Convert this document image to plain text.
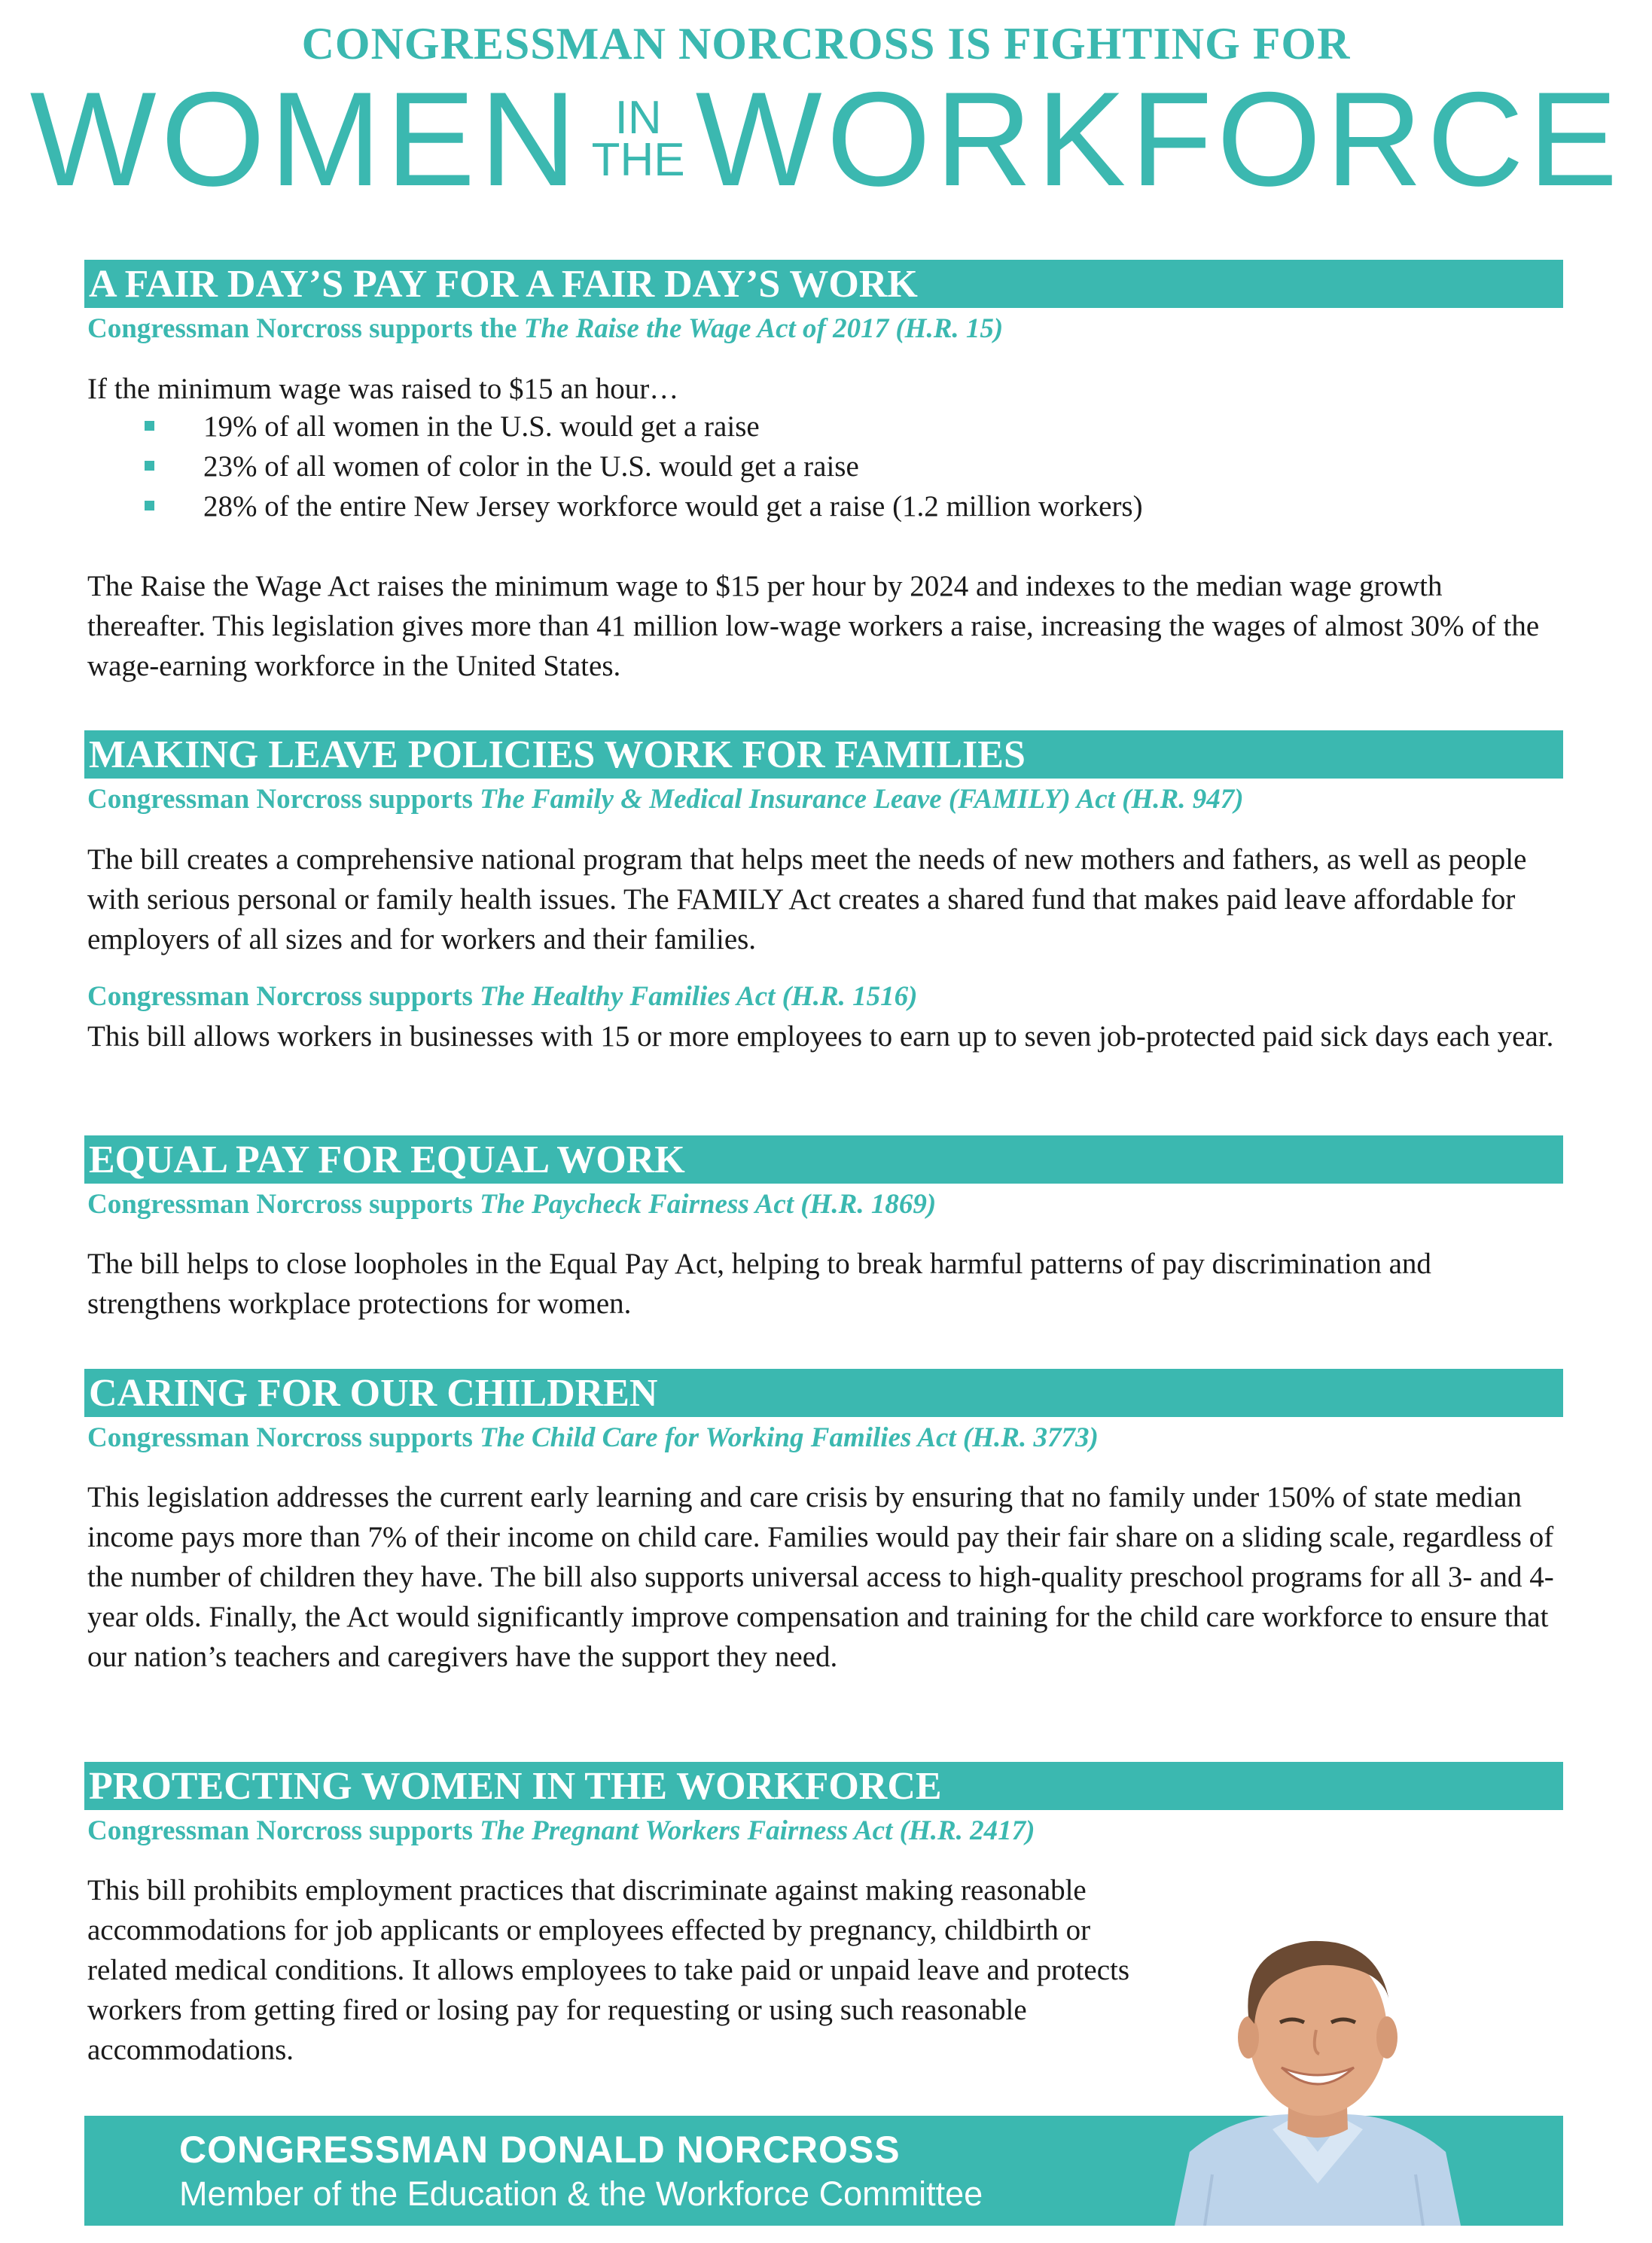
CONGRESSMAN NORCROSS IS FIGHTING FOR
WOMEN IN
THE WORKFORCE
A FAIR DAY’S PAY FOR A FAIR DAY’S WORK
Congressman Norcross supports the The Raise the Wage Act of 2017 (H.R. 15)

If the minimum wage was raised to $15 an hour…

19% of all women in the U.S. would get a raise
23% of all women of color in the U.S. would get a raise
28% of the entire New Jersey workforce would get a raise (1.2 million workers)

The Raise the Wage Act raises the minimum wage to $15 per hour by 2024 and indexes to the median wage growth thereafter. This legislation gives more than 41 million low-wage workers a raise, increasing the wages of almost 30% of the wage-earning workforce in the United States.

MAKING LEAVE POLICIES WORK FOR FAMILIES
Congressman Norcross supports The Family & Medical Insurance Leave (FAMILY) Act (H.R. 947)

The bill creates a comprehensive national program that helps meet the needs of new mothers and fathers, as well as people with serious personal or family health issues. The FAMILY Act creates a shared fund that makes paid leave affordable for employers of all sizes and for workers and their families.

Congressman Norcross supports The Healthy Families Act (H.R. 1516)

This bill allows workers in businesses with 15 or more employees to earn up to seven job-protected paid sick days each year.

EQUAL PAY FOR EQUAL WORK
Congressman Norcross supports The Paycheck Fairness Act (H.R. 1869)

The bill helps to close loopholes in the Equal Pay Act, helping to break harmful patterns of pay discrimination and strengthens workplace protections for women.

CARING FOR OUR CHILDREN
Congressman Norcross supports The Child Care for Working Families Act (H.R. 3773)

This legislation addresses the current early learning and care crisis by ensuring that no family under 150% of state median income pays more than 7% of their income on child care. Families would pay their fair share on a sliding scale, regardless of the number of children they have. The bill also supports universal access to high-quality preschool programs for all 3- and 4-year olds. Finally, the Act would significantly improve compensation and training for the child care workforce to ensure that our nation’s teachers and caregivers have the support they need.

PROTECTING WOMEN IN THE WORKFORCE
Congressman Norcross supports The Pregnant Workers Fairness Act (H.R. 2417)

This bill prohibits employment practices that discriminate against making reasonable accommodations for job applicants or employees effected by pregnancy, childbirth or related medical conditions. It allows employees to take paid or unpaid leave and protects workers from getting fired or losing pay for requesting or using such reasonable accommodations.

CONGRESSMAN DONALD NORCROSS
Member of the Education & the Workforce Committee
